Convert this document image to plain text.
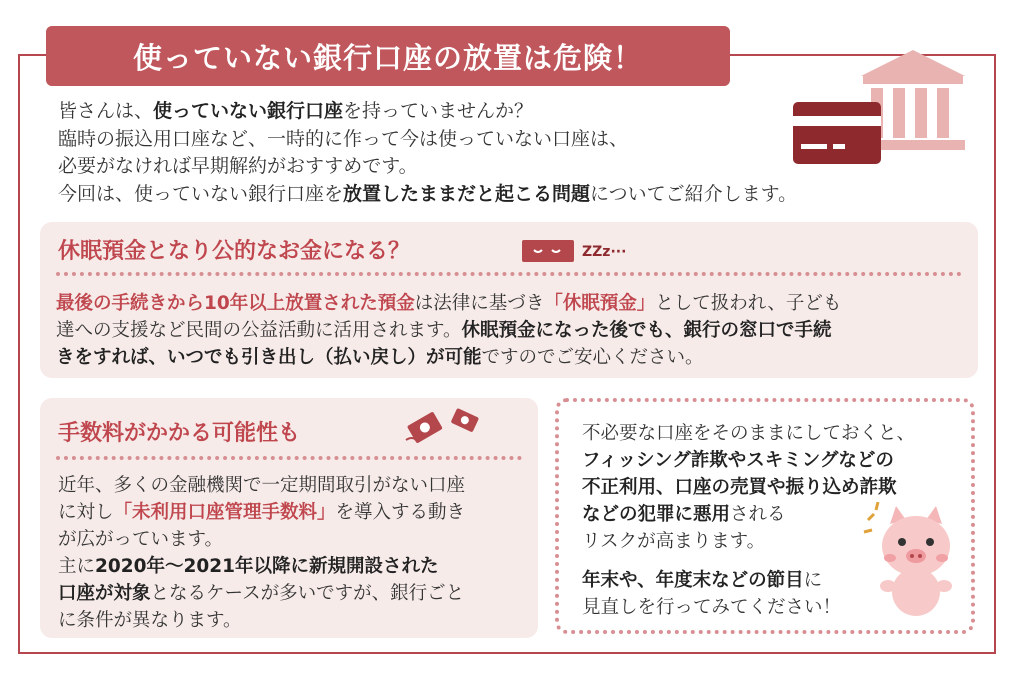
使っていない銀行口座の放置は危険！
皆さんは、使っていない銀行口座を持っていませんか？
臨時の振込用口座など、一時的に作って今は使っていない口座は、
必要がなければ早期解約がおすすめです。
今回は、使っていない銀行口座を放置したままだと起こる問題についてご紹介します。
休眠預金となり公的なお金になる？	ZZz···
最後の手続きから10年以上放置された預金は法律に基づき「休眠預金」として扱われ、子ども
達への支援など民間の公益活動に活用されます。休眠預金になった後でも、銀行の窓口で手続
きをすれば、いつでも引き出し（払い戻し）が可能ですのでご安心ください。
手数料がかかる可能性も
近年、多くの金融機関で一定期間取引がない口座
に対し「未利用口座管理手数料」を導入する動き
が広がっています。
主に2020年～2021年以降に新規開設された
口座が対象となるケースが多いですが、銀行ごと
に条件が異なります。
不必要な口座をそのままにしておくと、
フィッシング詐欺やスキミングなどの
不正利用、口座の売買や振り込め詐欺
などの犯罪に悪用される
リスクが高まります。
年末や、年度末などの節目に
見直しを行ってみてください！
